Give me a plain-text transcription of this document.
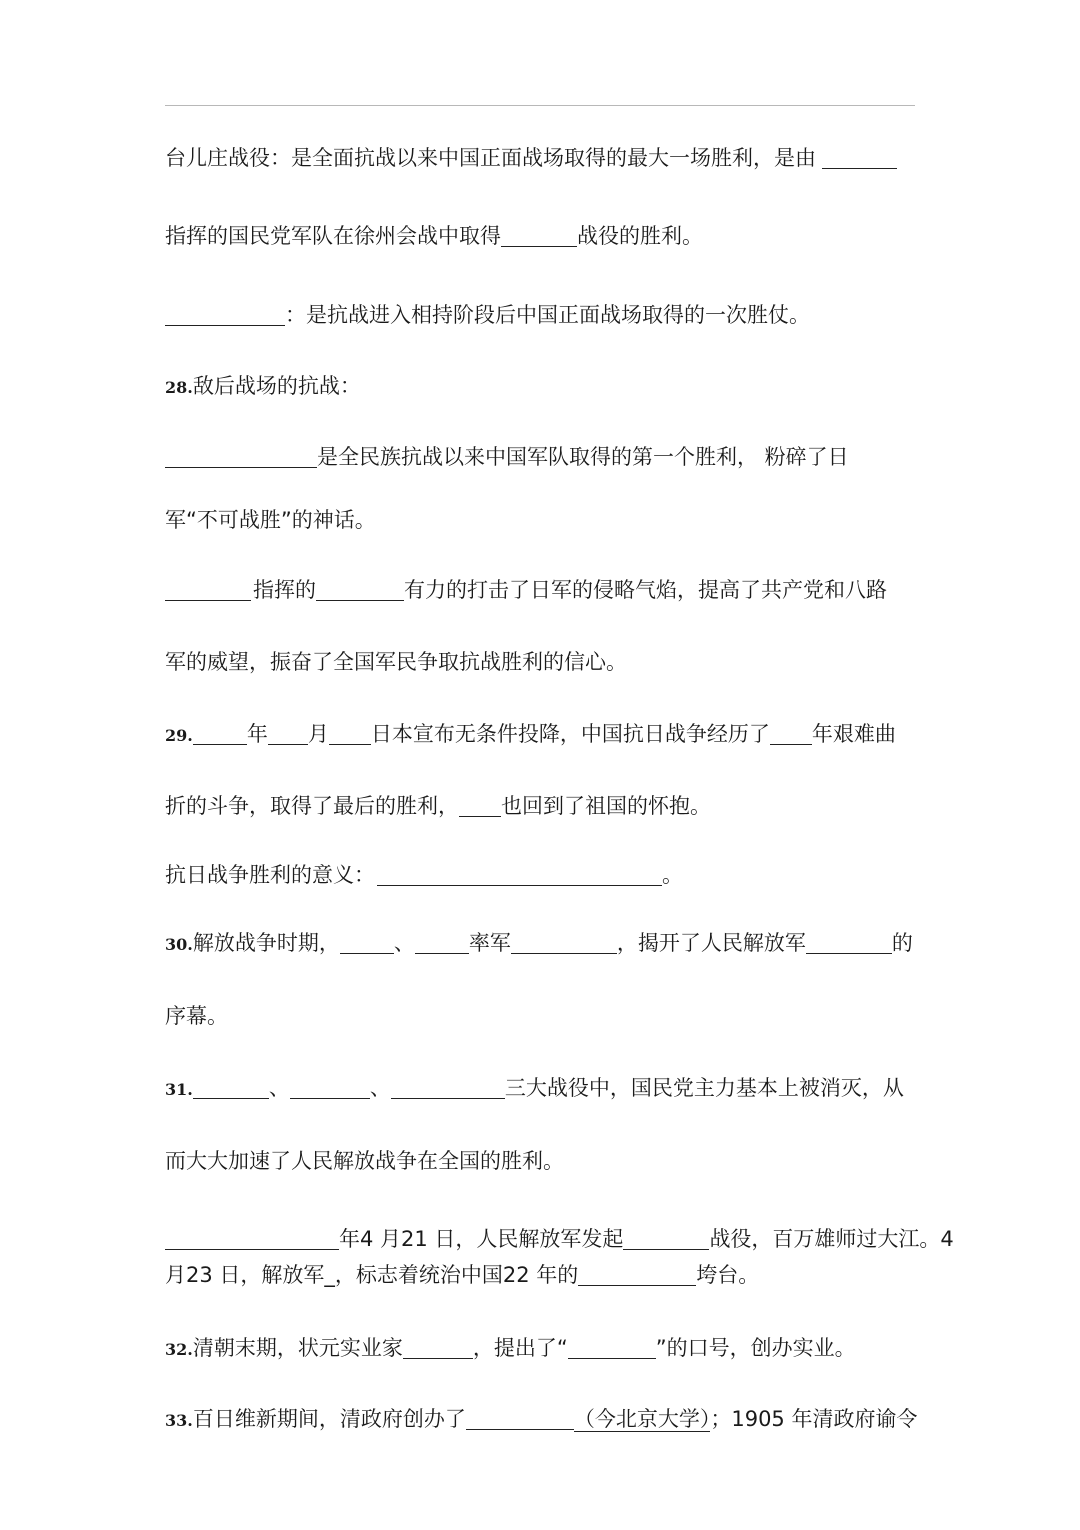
台儿庄战役：是全面抗战以来中国正面战场取得的最大一场胜利，是由
指挥的国民党军队在徐州会战中取得	战役的胜利。
：是抗战进入相持阶段后中国正面战场取得的一次胜仗。
28.敌后战场的抗战：
是全民族抗战以来中国军队取得的第一个胜利， 粉碎了日
军“不可战胜”的神话。
指挥的	有力的打击了日军的侵略气焰，提高了共产党和八路
军的威望，振奋了全国军民争取抗战胜利的信心。
29.	年 月 日本宣布无条件投降，中国抗日战争经历了 年艰难曲
折的斗争，取得了最后的胜利， 也回到了祖国的怀抱。
抗日战争胜利的意义：	。
30.解放战争时期，	、	率军	，揭开了人民解放军	的
序幕。
31.	、	、	三大战役中，国民党主力基本上被消灭，从
而大大加速了人民解放战争在全国的胜利。
年4 月21 日，人民解放军发起	战役，百万雄师过大江。4
月23 日，解放军_，标志着统治中国22 年的	垮台。
32.清朝末期，状元实业家	，提出了“	”的口号，创办实业。
33.百日维新期间，清政府创办了	（今北京大学）；1905 年清政府谕令
